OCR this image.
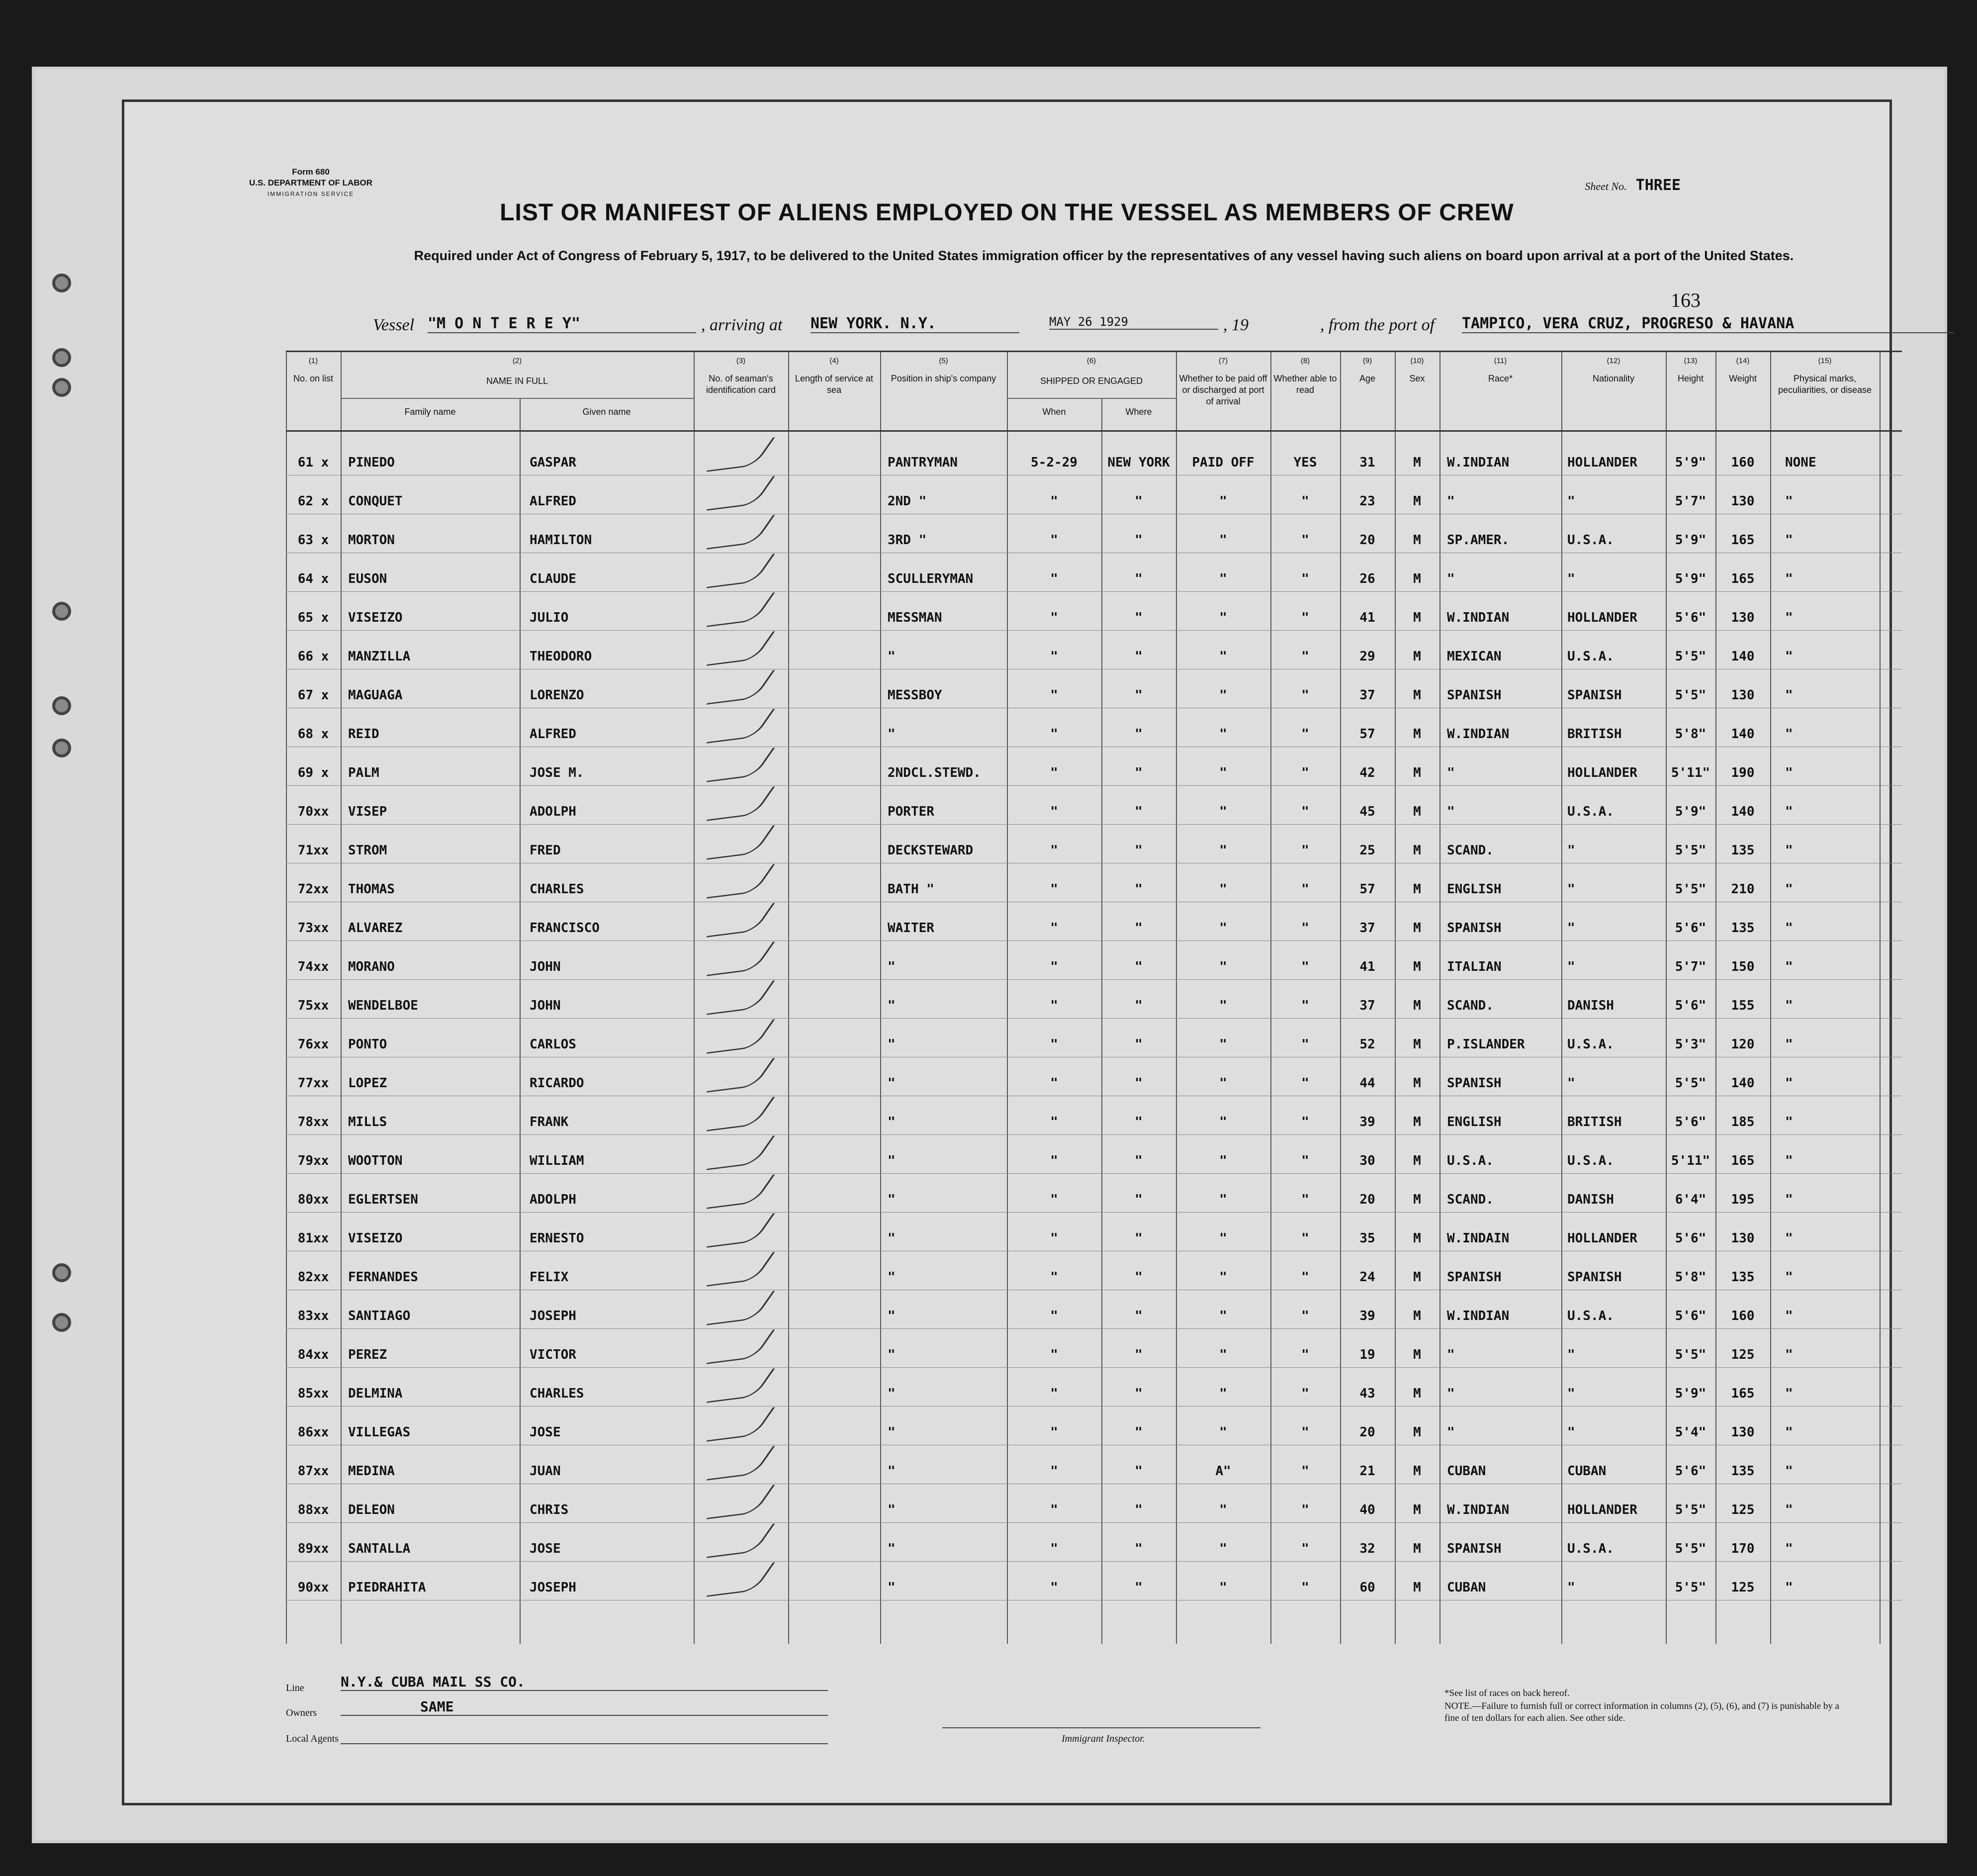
Form 680
U.S. DEPARTMENT OF LABOR
IMMIGRATION SERVICE
Sheet No. THREE
163
LIST OR MANIFEST OF ALIENS EMPLOYED ON THE VESSEL AS MEMBERS OF CREW
Required under Act of Congress of February 5, 1917, to be delivered to the United States immigration officer by the representatives of any vessel having such aliens on board upon arrival at a port of the United States.
Vessel "M O N T E R E Y"	, arriving at NEW YORK. N.Y.	MAY 26 1929	, 19	, from the port of TAMPICO, VERA CRUZ, PROGRESO & HAVANA
(1)
No. on list
(2)
NAME IN FULL
Family name	Given name
(3)
No. of seaman's identification card
(4)
Length of service at sea
(5)
Position in ship's company
(6)
SHIPPED OR ENGAGED
When	Where
(7)
Whether to be paid off or discharged at port of arrival
(8)
Whether able to read
(9)
Age
(10)
Sex
(11)
Race*
(12)
Nationality
(13)
Height
(14)
Weight
(15)
Physical marks, peculiarities, or disease
61 x	PINEDO	GASPAR	PANTRYMAN	5-2-29	NEW YORK	PAID OFF	YES	31	M	W.INDIAN	HOLLANDER	5'9"	160	NONE
62 x	CONQUET	ALFRED	2ND "	"	"	"	"	23	M	"	"	5'7"	130	"
63 x	MORTON	HAMILTON	3RD "	"	"	"	"	20	M	SP.AMER.	U.S.A.	5'9"	165	"
64 x	EUSON	CLAUDE	SCULLERYMAN	"	"	"	"	26	M	"	"	5'9"	165	"
65 x	VISEIZO	JULIO	MESSMAN	"	"	"	"	41	M	W.INDIAN	HOLLANDER	5'6"	130	"
66 x	MANZILLA	THEODORO	"	"	"	"	"	29	M	MEXICAN	U.S.A.	5'5"	140	"
67 x	MAGUAGA	LORENZO	MESSBOY	"	"	"	"	37	M	SPANISH	SPANISH	5'5"	130	"
68 x	REID	ALFRED	"	"	"	"	"	57	M	W.INDIAN	BRITISH	5'8"	140	"
69 x	PALM	JOSE M.	2NDCL.STEWD.	"	"	"	"	42	M	"	HOLLANDER	5'11"	190	"
70xx	VISEP	ADOLPH	PORTER	"	"	"	"	45	M	"	U.S.A.	5'9"	140	"
71xx	STROM	FRED	DECKSTEWARD	"	"	"	"	25	M	SCAND.	"	5'5"	135	"
72xx	THOMAS	CHARLES	BATH "	"	"	"	"	57	M	ENGLISH	"	5'5"	210	"
73xx	ALVAREZ	FRANCISCO	WAITER	"	"	"	"	37	M	SPANISH	"	5'6"	135	"
74xx	MORANO	JOHN	"	"	"	"	"	41	M	ITALIAN	"	5'7"	150	"
75xx	WENDELBOE	JOHN	"	"	"	"	"	37	M	SCAND.	DANISH	5'6"	155	"
76xx	PONTO	CARLOS	"	"	"	"	"	52	M	P.ISLANDER	U.S.A.	5'3"	120	"
77xx	LOPEZ	RICARDO	"	"	"	"	"	44	M	SPANISH	"	5'5"	140	"
78xx	MILLS	FRANK	"	"	"	"	"	39	M	ENGLISH	BRITISH	5'6"	185	"
79xx	WOOTTON	WILLIAM	"	"	"	"	"	30	M	U.S.A.	U.S.A.	5'11"	165	"
80xx	EGLERTSEN	ADOLPH	"	"	"	"	"	20	M	SCAND.	DANISH	6'4"	195	"
81xx	VISEIZO	ERNESTO	"	"	"	"	"	35	M	W.INDAIN	HOLLANDER	5'6"	130	"
82xx	FERNANDES	FELIX	"	"	"	"	"	24	M	SPANISH	SPANISH	5'8"	135	"
83xx	SANTIAGO	JOSEPH	"	"	"	"	"	39	M	W.INDIAN	U.S.A.	5'6"	160	"
84xx	PEREZ	VICTOR	"	"	"	"	"	19	M	"	"	5'5"	125	"
85xx	DELMINA	CHARLES	"	"	"	"	"	43	M	"	"	5'9"	165	"
86xx	VILLEGAS	JOSE	"	"	"	"	"	20	M	"	"	5'4"	130	"
87xx	MEDINA	JUAN	"	"	"	A"	"	21	M	CUBAN	CUBAN	5'6"	135	"
88xx	DELEON	CHRIS	"	"	"	"	"	40	M	W.INDIAN	HOLLANDER	5'5"	125	"
89xx	SANTALLA	JOSE	"	"	"	"	"	32	M	SPANISH	U.S.A.	5'5"	170	"
90xx	PIEDRAHITA	JOSEPH	"	"	"	"	"	60	M	CUBAN	"	5'5"	125	"
Line	N.Y.& CUBA MAIL SS CO.
Owners	SAME
Local Agents	Immigrant Inspector.
*See list of races on back hereof.
NOTE.—Failure to furnish full or correct information in columns (2), (5), (6), and (7) is punishable by a fine of ten dollars for each alien. See other side.
